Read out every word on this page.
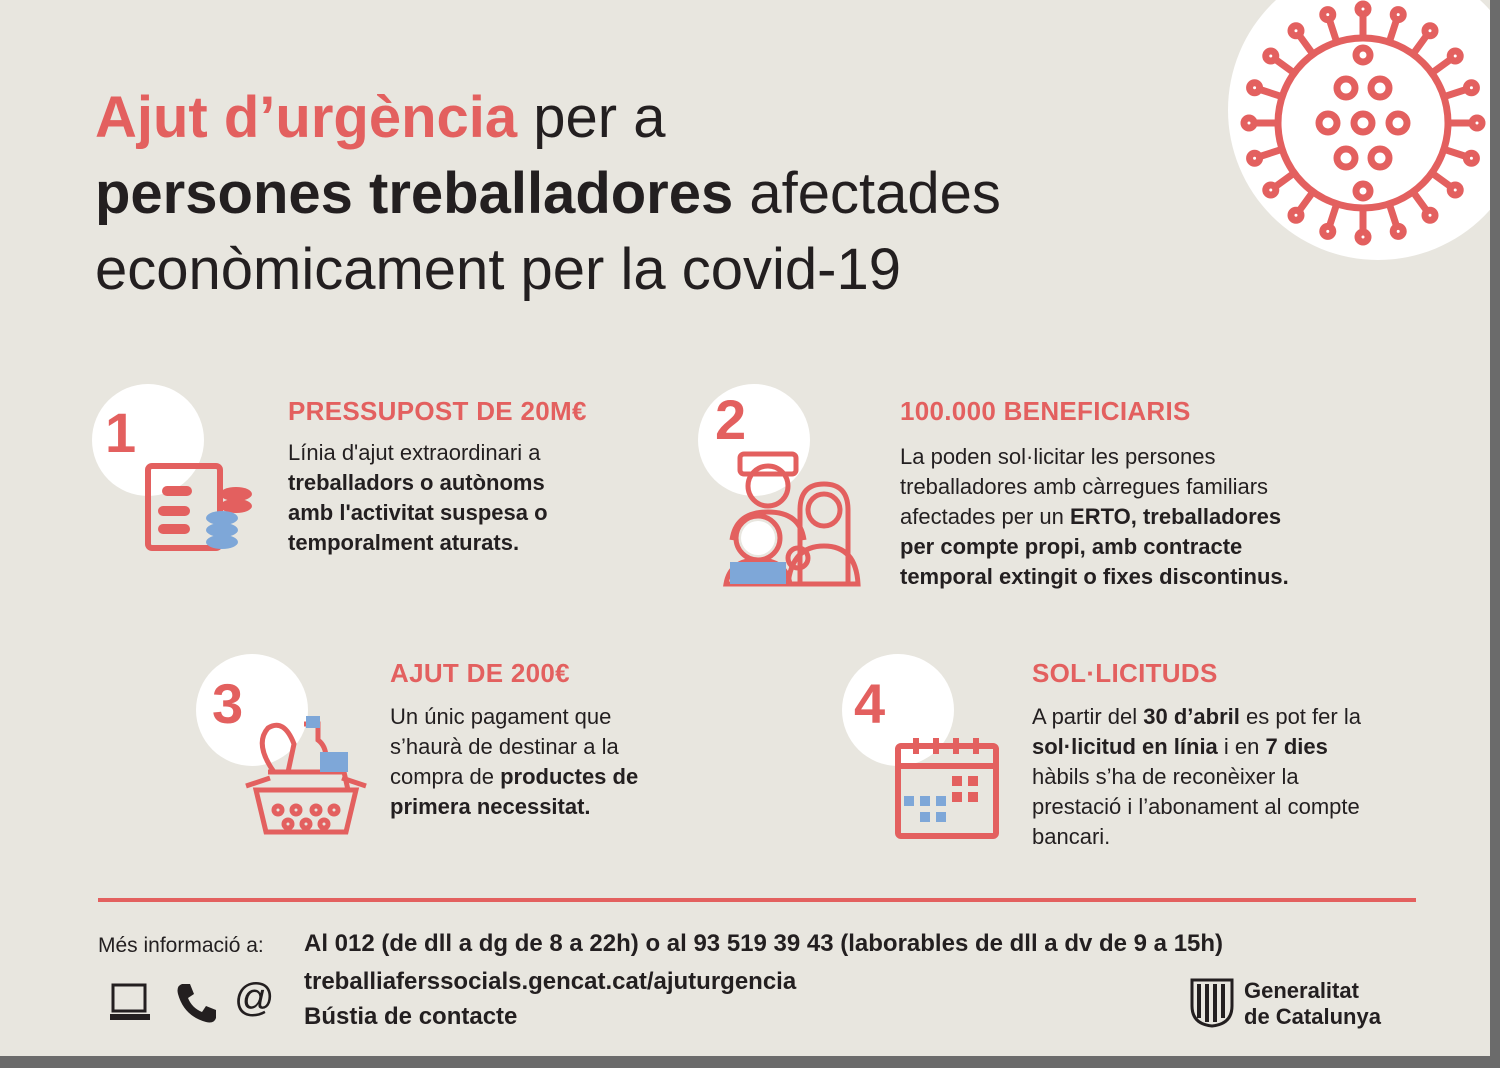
Ajut d’urgència per a
persones treballadores afectades
econòmicament per la covid-19
1	PRESSUPOST DE 20M€
Línia d'ajut extraordinari a
treballadors o autònoms
amb l'activitat suspesa o
temporalment aturats.
2	100.000 BENEFICIARIS
La poden sol·licitar les persones
treballadores amb càrregues familiars
afectades per un ERTO, treballadores
per compte propi, amb contracte
temporal extingit o fixes discontinus.
3	AJUT DE 200€
Un únic pagament que
s’haurà de destinar a la
compra de productes de
primera necessitat.
4	SOL·LICITUDS
A partir del 30 d’abril es pot fer la
sol·licitud en línia i en 7 dies
hàbils s’ha de reconèixer la
prestació i l’abonament al compte
bancari.
Més informació a: Al 012 (de dll a dg de 8 a 22h) o al 93 519 39 43 (laborables de dll a dv de 9 a 15h)
treballiaferssocials.gencat.cat/ajuturgencia
Bústia de contacte
@	Generalitat
de Catalunya
